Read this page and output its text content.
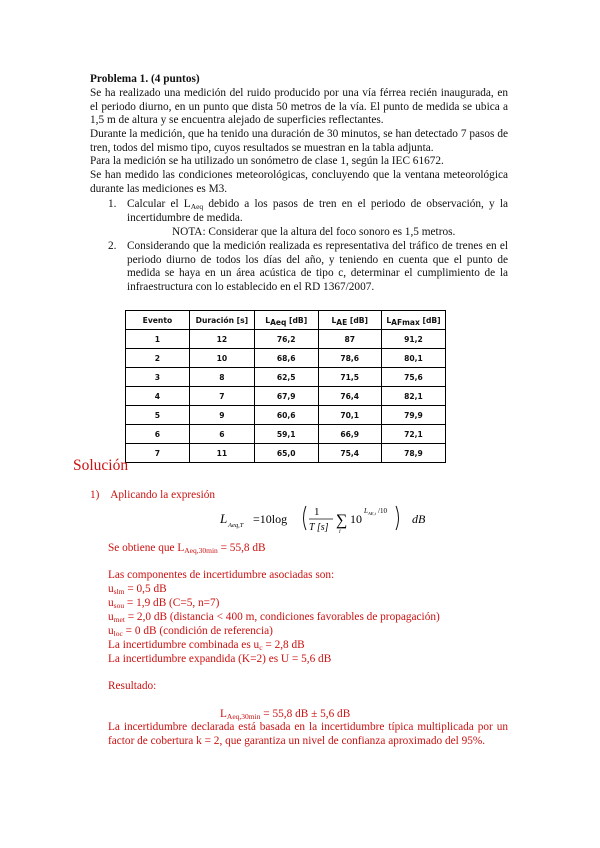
Problema 1. (4 puntos)
Se ha realizado una medición del ruido producido por una vía férrea recién inaugurada, en el periodo diurno, en un punto que dista 50 metros de la vía. El punto de medida se ubica a 1,5 m de altura y se encuentra alejado de superficies reflectantes.
Durante la medición, que ha tenido una duración de 30 minutos, se han detectado 7 pasos de tren, todos del mismo tipo, cuyos resultados se muestran en la tabla adjunta.
Para la medición se ha utilizado un sonómetro de clase 1, según la IEC 61672.
Se han medido las condiciones meteorológicas, concluyendo que la ventana meteorológica durante las mediciones es M3.
1. Calcular el $L_{Aeq}$ debido a los pasos de tren en el periodo de observación, y la incertidumbre de medida.
NOTA: Considerar que la altura del foco sonoro es 1,5 metros.
2. Considerando que la medición realizada es representativa del tráfico de trenes en el periodo diurno de todos los días del año, y teniendo en cuenta que el punto de medida se haya en un área acústica de tipo c, determinar el cumplimiento de la infraestructura con lo establecido en el RD 1367/2007.
Evento	Duración [s]	$L_{Aeq}$ [dB]	$L_{AE}$ [dB]	$L_{AFmax}$ [dB]
1	12	76,2	87	91,2
2	10	68,6	78,6	80,1
3	8	62,5	71,5	75,6
4	7	67,9	76,4	82,1
5	9	60,6	70,1	79,9
6	6	59,1	66,9	72,1
7	11	65,0	75,4	78,9
Solución
1) Aplicando la expresión
L Aeq,T =10log 1
T [s] ∑
i
10
L AE,i /10
dB
Se obtiene que $L_{Aeq,30min} = 55,8$ dB
Las componentes de incertidumbre asociadas son:
$u_{slm} = 0,5$ dB
$u_{sou} = 1,9$ dB (C=5, n=7)
$u_{met} = 2,0$ dB (distancia < 400 m, condiciones favorables de propagación)
$u_{loc} = 0$ dB (condición de referencia)
La incertidumbre combinada es $u_c = 2,8$ dB
La incertidumbre expandida (K=2) es U = 5,6 dB
Resultado:
$L_{Aeq,30min} = 55,8$ dB ± 5,6 dB
La incertidumbre declarada está basada en la incertidumbre típica multiplicada por un factor de cobertura k = 2, que garantiza un nivel de confianza aproximado del 95%.
